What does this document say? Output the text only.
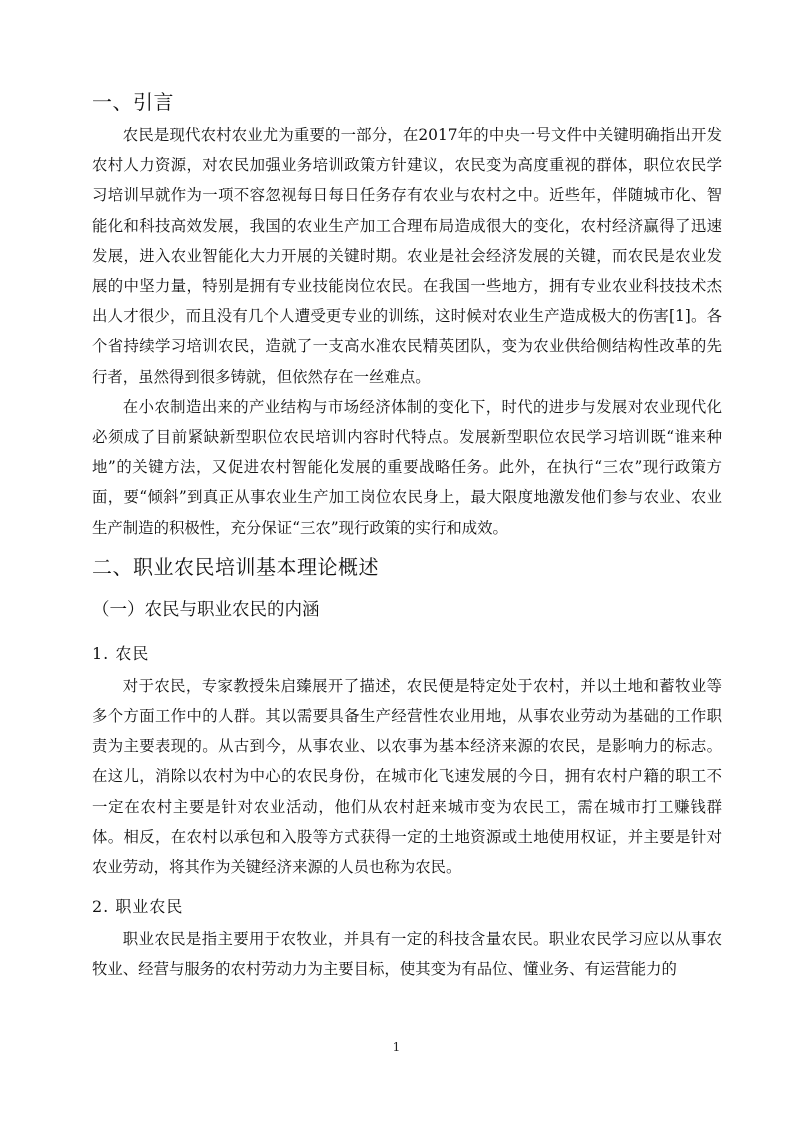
一、引言

农民是现代农村农业尤为重要的一部分，在2017年的中央一号文件中关键明确指出开发农村人力资源，对农民加强业务培训政策方针建议，农民变为高度重视的群体，职位农民学习培训早就作为一项不容忽视每日每日任务存有农业与农村之中。近些年，伴随城市化、智能化和科技高效发展，我国的农业生产加工合理布局造成很大的变化，农村经济赢得了迅速发展，进入农业智能化大力开展的关键时期。农业是社会经济发展的关键，而农民是农业发展的中坚力量，特别是拥有专业技能岗位农民。在我国一些地方，拥有专业农业科技技术杰出人才很少，而且没有几个人遭受更专业的训练，这时候对农业生产造成极大的伤害[1]。各个省持续学习培训农民，造就了一支高水准农民精英团队，变为农业供给侧结构性改革的先行者，虽然得到很多铸就，但依然存在一丝难点。

在小农制造出来的产业结构与市场经济体制的变化下，时代的进步与发展对农业现代化必须成了目前紧缺新型职位农民培训内容时代特点。发展新型职位农民学习培训既“谁来种地”的关键方法，又促进农村智能化发展的重要战略任务。此外，在执行“三农”现行政策方面，要“倾斜”到真正从事农业生产加工岗位农民身上，最大限度地激发他们参与农业、农业生产制造的积极性，充分保证“三农”现行政策的实行和成效。

二、职业农民培训基本理论概述
（一）农民与职业农民的内涵
1. 农民

对于农民，专家教授朱启臻展开了描述，农民便是特定处于农村，并以土地和蓄牧业等多个方面工作中的人群。其以需要具备生产经营性农业用地，从事农业劳动为基础的工作职责为主要表现的。从古到今，从事农业、以农事为基本经济来源的农民，是影响力的标志。在这儿，消除以农村为中心的农民身份，在城市化飞速发展的今日，拥有农村户籍的职工不一定在农村主要是针对农业活动，他们从农村赶来城市变为农民工，需在城市打工赚钱群体。相反，在农村以承包和入股等方式获得一定的土地资源或土地使用权证，并主要是针对农业劳动，将其作为关键经济来源的人员也称为农民。

2. 职业农民

职业农民是指主要用于农牧业，并具有一定的科技含量农民。职业农民学习应以从事农牧业、经营与服务的农村劳动力为主要目标，使其变为有品位、懂业务、有运营能力的

1
